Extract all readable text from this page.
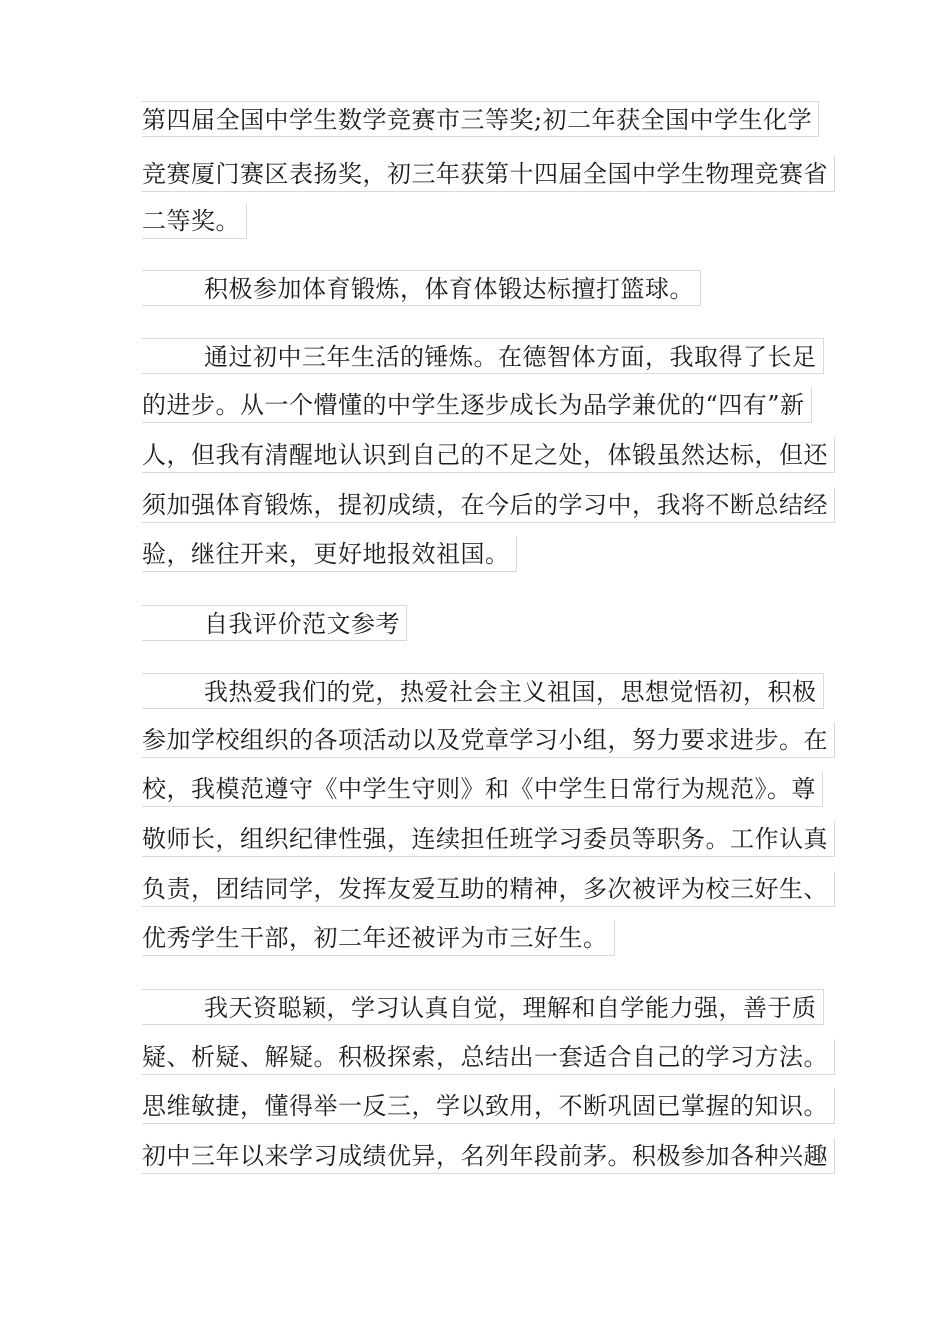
第四届全国中学生数学竞赛市三等奖;初二年获全国中学生化学
竞赛厦门赛区表扬奖，初三年获第十四届全国中学生物理竞赛省
二等奖。
积极参加体育锻炼，体育体锻达标擅打篮球。
通过初中三年生活的锤炼。在德智体方面，我取得了长足
的进步。从一个懵懂的中学生逐步成长为品学兼优的“四有”新
人，但我有清醒地认识到自己的不足之处，体锻虽然达标，但还
须加强体育锻炼，提初成绩，在今后的学习中，我将不断总结经
验，继往开来，更好地报效祖国。
自我评价范文参考
我热爱我们的党，热爱社会主义祖国，思想觉悟初，积极
参加学校组织的各项活动以及党章学习小组，努力要求进步。在
校，我模范遵守《中学生守则》和《中学生日常行为规范》。尊
敬师长，组织纪律性强，连续担任班学习委员等职务。工作认真
负责，团结同学，发挥友爱互助的精神，多次被评为校三好生、
优秀学生干部，初二年还被评为市三好生。
我天资聪颖，学习认真自觉，理解和自学能力强，善于质
疑、析疑、解疑。积极探索，总结出一套适合自己的学习方法。
思维敏捷，懂得举一反三，学以致用，不断巩固已掌握的知识。
初中三年以来学习成绩优异，名列年段前茅。积极参加各种兴趣
